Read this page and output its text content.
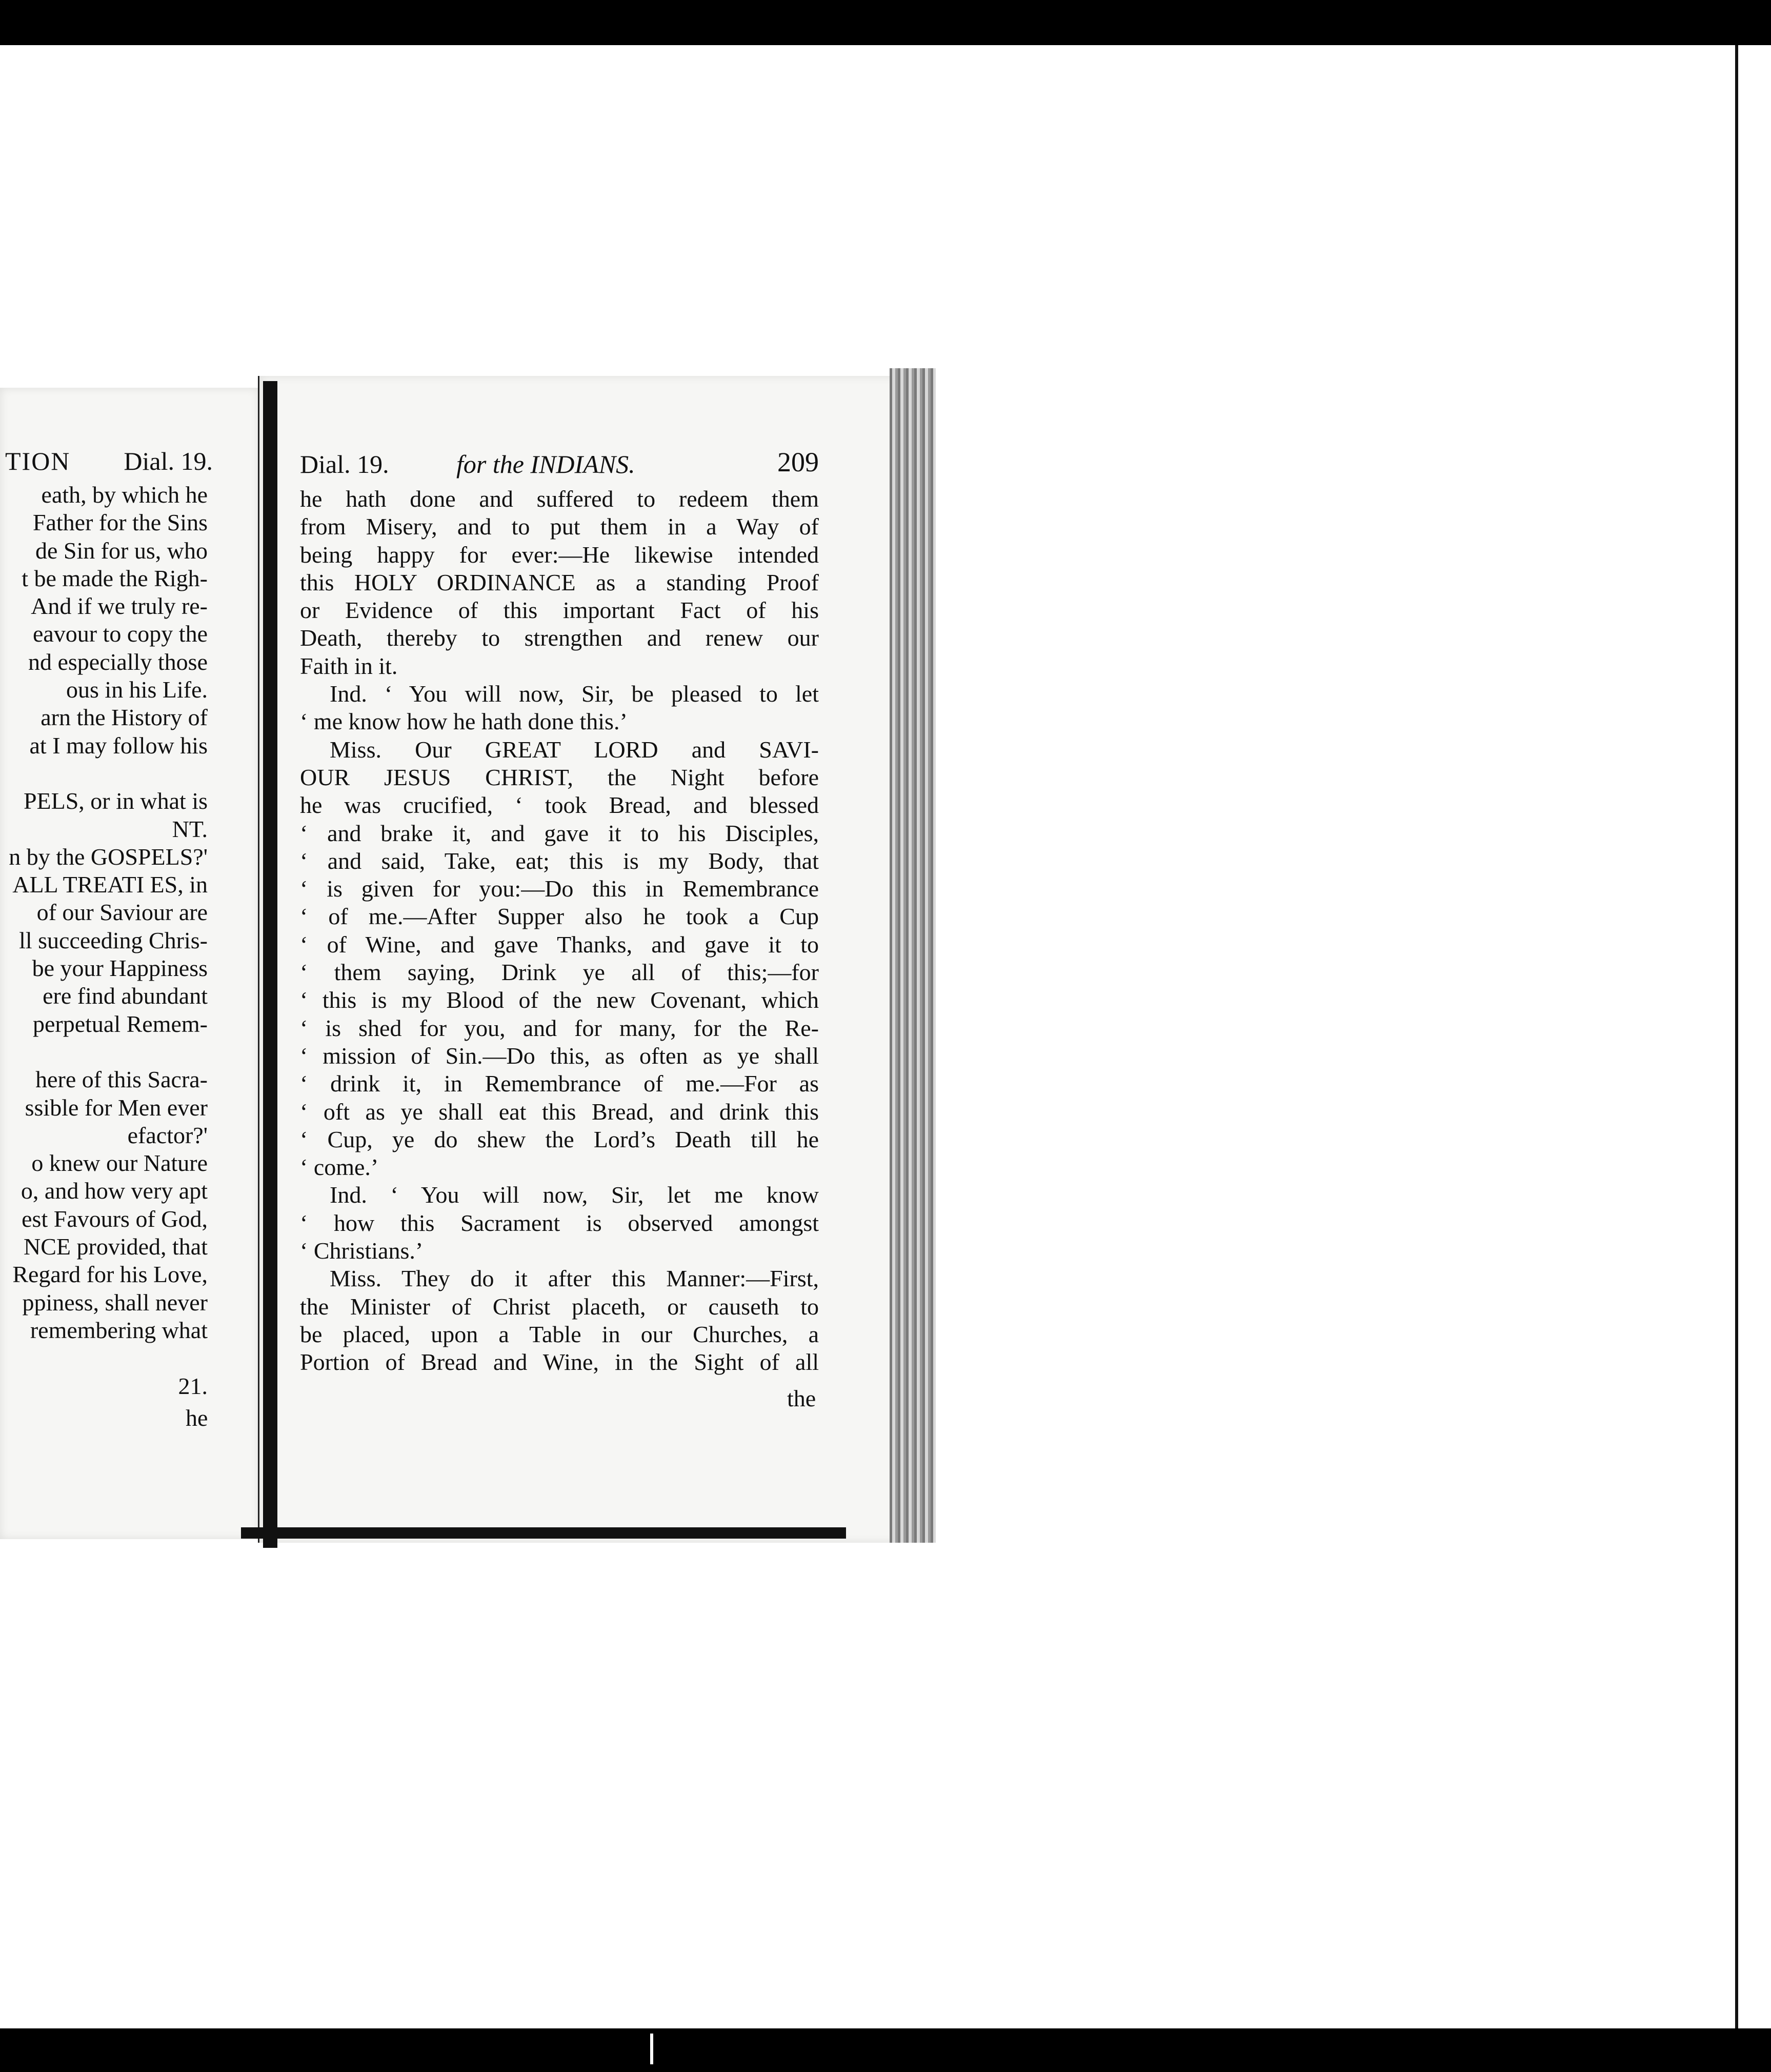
TION Dial. 19.
eath, by which he
Father for the Sins
de Sin for us, who
t be made the Righ-
And if we truly re-
eavour to copy the
nd especially those
ous in his Life.
arn the History of
at I may follow his
PELS, or in what is
NT.
n by the GOSPELS?'
ALL TREATI ES, in
of our Saviour are
ll succeeding Chris-
be your Happiness
ere find abundant
perpetual Remem-
here of this Sacra-
ssible for Men ever
efactor?'
o knew our Nature
o, and how very apt
est Favours of God,
NCE provided, that
Regard for his Love,
ppiness, shall never
remembering what
21.
he
Dial. 19.	for the INDIANS.	209
he hath done and suffered to redeem them
from Misery, and to put them in a Way of
being happy for ever:—He likewise intended
this HOLY ORDINANCE as a standing Proof
or Evidence of this important Fact of his
Death, thereby to strengthen and renew our
Faith in it.
Ind. ‘ You will now, Sir, be pleased to let
‘ me know how he hath done this.’
Miss. Our GREAT LORD and SAVI-
OUR JESUS CHRIST, the Night before
he was crucified, ‘ took Bread, and blessed
‘ and brake it, and gave it to his Disciples,
‘ and said, Take, eat; this is my Body, that
‘ is given for you:—Do this in Remembrance
‘ of me.—After Supper also he took a Cup
‘ of Wine, and gave Thanks, and gave it to
‘ them saying, Drink ye all of this;—for
‘ this is my Blood of the new Covenant, which
‘ is shed for you, and for many, for the Re-
‘ mission of Sin.—Do this, as often as ye shall
‘ drink it, in Remembrance of me.—For as
‘ oft as ye shall eat this Bread, and drink this
‘ Cup, ye do shew the Lord’s Death till he
‘ come.’
Ind. ‘ You will now, Sir, let me know
‘ how this Sacrament is observed amongst
‘ Christians.’
Miss. They do it after this Manner:—First,
the Minister of Christ placeth, or causeth to
be placed, upon a Table in our Churches, a
Portion of Bread and Wine, in the Sight of all
the
